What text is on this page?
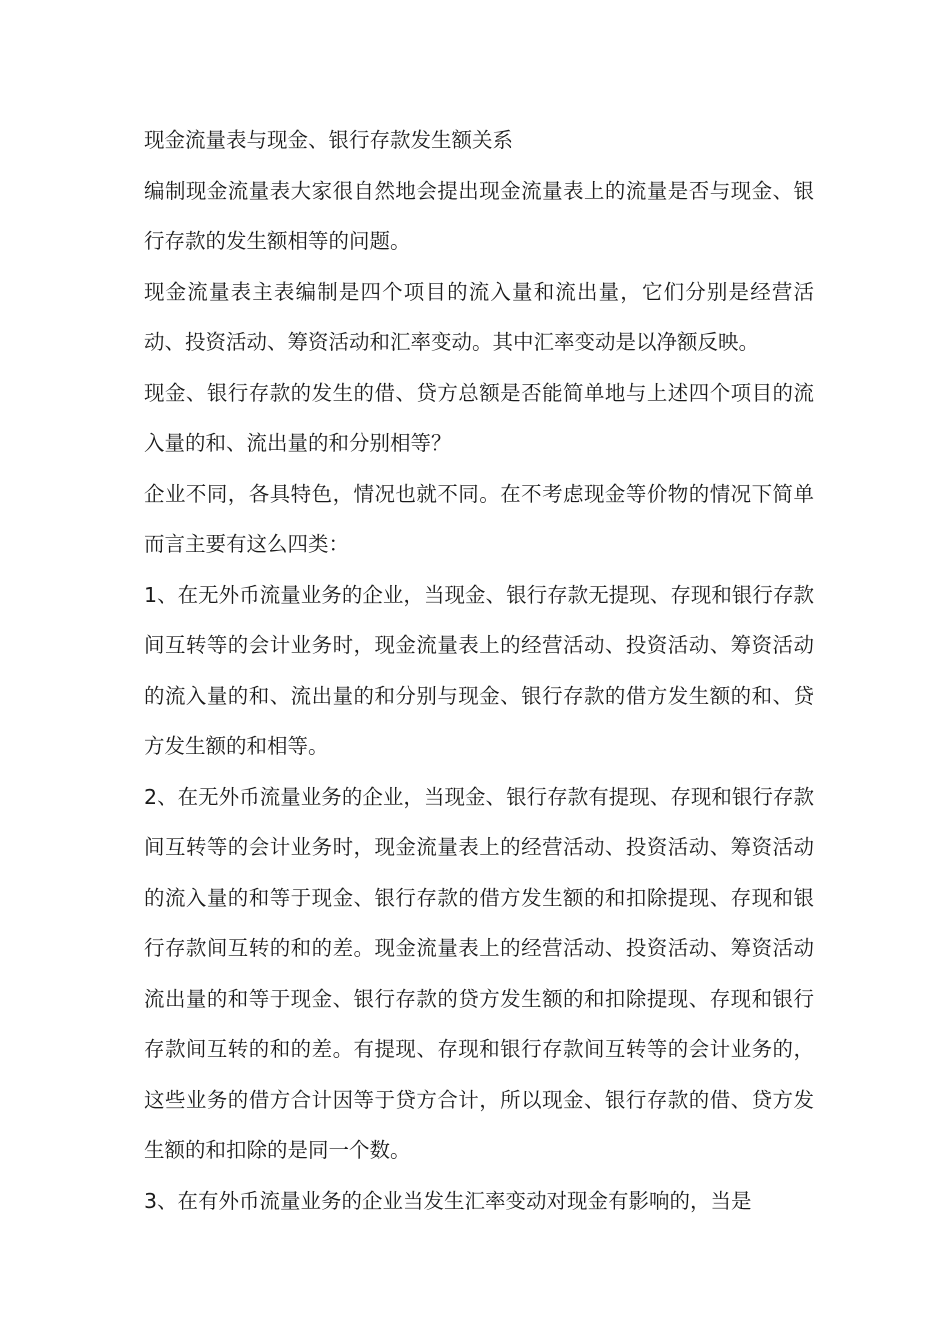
现金流量表与现金、银行存款发生额关系

编制现金流量表大家很自然地会提出现金流量表上的流量是否与现金、银行存款的发生额相等的问题。

现金流量表主表编制是四个项目的流入量和流出量，它们分别是经营活动、投资活动、筹资活动和汇率变动。其中汇率变动是以净额反映。

现金、银行存款的发生的借、贷方总额是否能简单地与上述四个项目的流入量的和、流出量的和分别相等？

企业不同，各具特色，情况也就不同。在不考虑现金等价物的情况下简单而言主要有这么四类：

1、在无外币流量业务的企业，当现金、银行存款无提现、存现和银行存款间互转等的会计业务时，现金流量表上的经营活动、投资活动、筹资活动的流入量的和、流出量的和分别与现金、银行存款的借方发生额的和、贷方发生额的和相等。

2、在无外币流量业务的企业，当现金、银行存款有提现、存现和银行存款间互转等的会计业务时，现金流量表上的经营活动、投资活动、筹资活动的流入量的和等于现金、银行存款的借方发生额的和扣除提现、存现和银行存款间互转的和的差。现金流量表上的经营活动、投资活动、筹资活动流出量的和等于现金、银行存款的贷方发生额的和扣除提现、存现和银行存款间互转的和的差。有提现、存现和银行存款间互转等的会计业务的，这些业务的借方合计因等于贷方合计，所以现金、银行存款的借、贷方发生额的和扣除的是同一个数。

3、在有外币流量业务的企业当发生汇率变动对现金有影响的，当是
